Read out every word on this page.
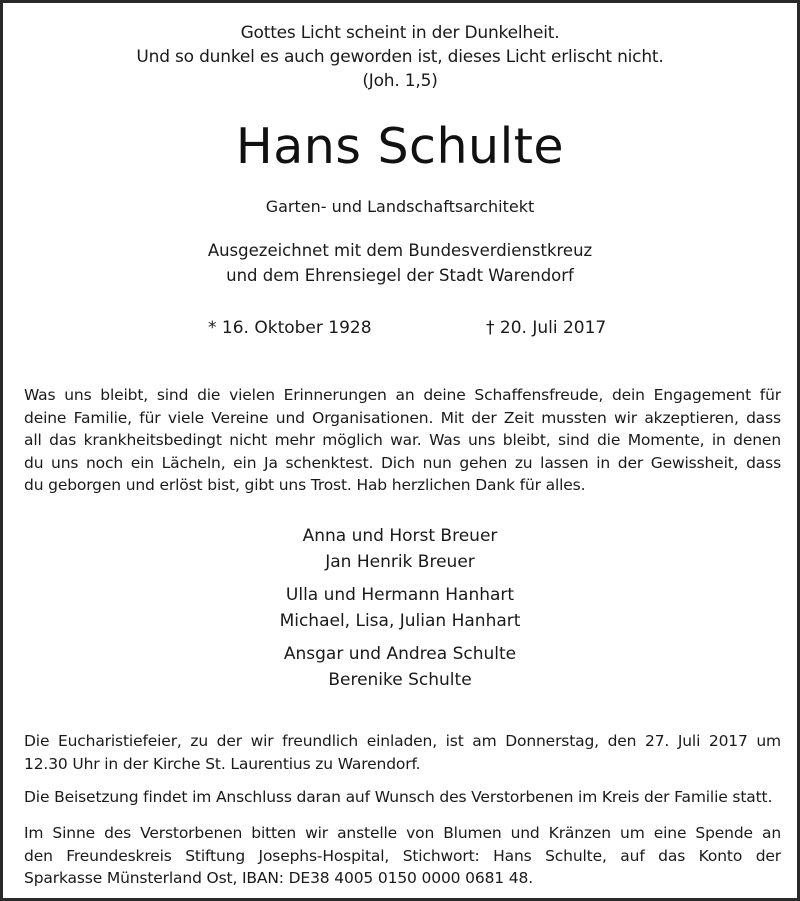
Gottes Licht scheint in der Dunkelheit.
Und so dunkel es auch geworden ist, dieses Licht erlischt nicht.
(Joh. 1,5)
Hans Schulte
Garten- und Landschaftsarchitekt
Ausgezeichnet mit dem Bundesverdienstkreuz
und dem Ehrensiegel der Stadt Warendorf
* 16. Oktober 1928	† 20. Juli 2017
Was uns bleibt, sind die vielen Erinnerungen an deine Schaffensfreude, dein Engagement für
deine Familie, für viele Vereine und Organisationen. Mit der Zeit mussten wir akzeptieren, dass
all das krankheitsbedingt nicht mehr möglich war. Was uns bleibt, sind die Momente, in denen
du uns noch ein Lächeln, ein Ja schenktest. Dich nun gehen zu lassen in der Gewissheit, dass
du geborgen und erlöst bist, gibt uns Trost. Hab herzlichen Dank für alles.
Anna und Horst Breuer
Jan Henrik Breuer
Ulla und Hermann Hanhart
Michael, Lisa, Julian Hanhart
Ansgar und Andrea Schulte
Berenike Schulte
Die Eucharistiefeier, zu der wir freundlich einladen, ist am Donnerstag, den 27. Juli 2017 um
12.30 Uhr in der Kirche St. Laurentius zu Warendorf.
Die Beisetzung findet im Anschluss daran auf Wunsch des Verstorbenen im Kreis der Familie statt.
Im Sinne des Verstorbenen bitten wir anstelle von Blumen und Kränzen um eine Spende an
den Freundeskreis Stiftung Josephs-Hospital, Stichwort: Hans Schulte, auf das Konto der
Sparkasse Münsterland Ost, IBAN: DE38 4005 0150 0000 0681 48.
